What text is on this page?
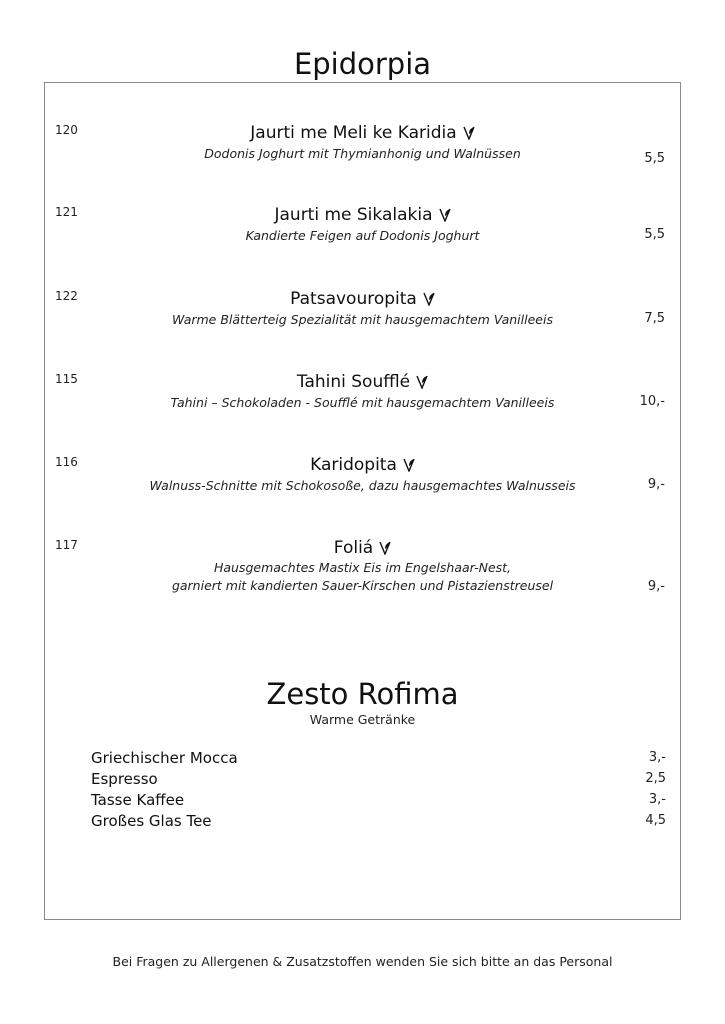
Epidorpia
120	Jaurti me Meli ke Karidia
Dodonis Joghurt mit Thymianhonig und Walnüssen	5,5
121	Jaurti me Sikalakia
Kandierte Feigen auf Dodonis Joghurt	5,5
122	Patsavouropita
Warme Blätterteig Spezialität mit hausgemachtem Vanilleeis	7,5
115	Tahini Soufflé
Tahini – Schokoladen - Soufflé mit hausgemachtem Vanilleeis	10,-
116	Karidopita
Walnuss-Schnitte mit Schokosoße, dazu hausgemachtes Walnusseis	9,-
117	Foliá
Hausgemachtes Mastix Eis im Engelshaar-Nest,
garniert mit kandierten Sauer-Kirschen und Pistazienstreusel	9,-
Zesto Rofima
Warme Getränke
Griechischer Mocca	3,-
Espresso	2,5
Tasse Kaffee	3,-
Großes Glas Tee	4,5
Bei Fragen zu Allergenen & Zusatzstoffen wenden Sie sich bitte an das Personal
